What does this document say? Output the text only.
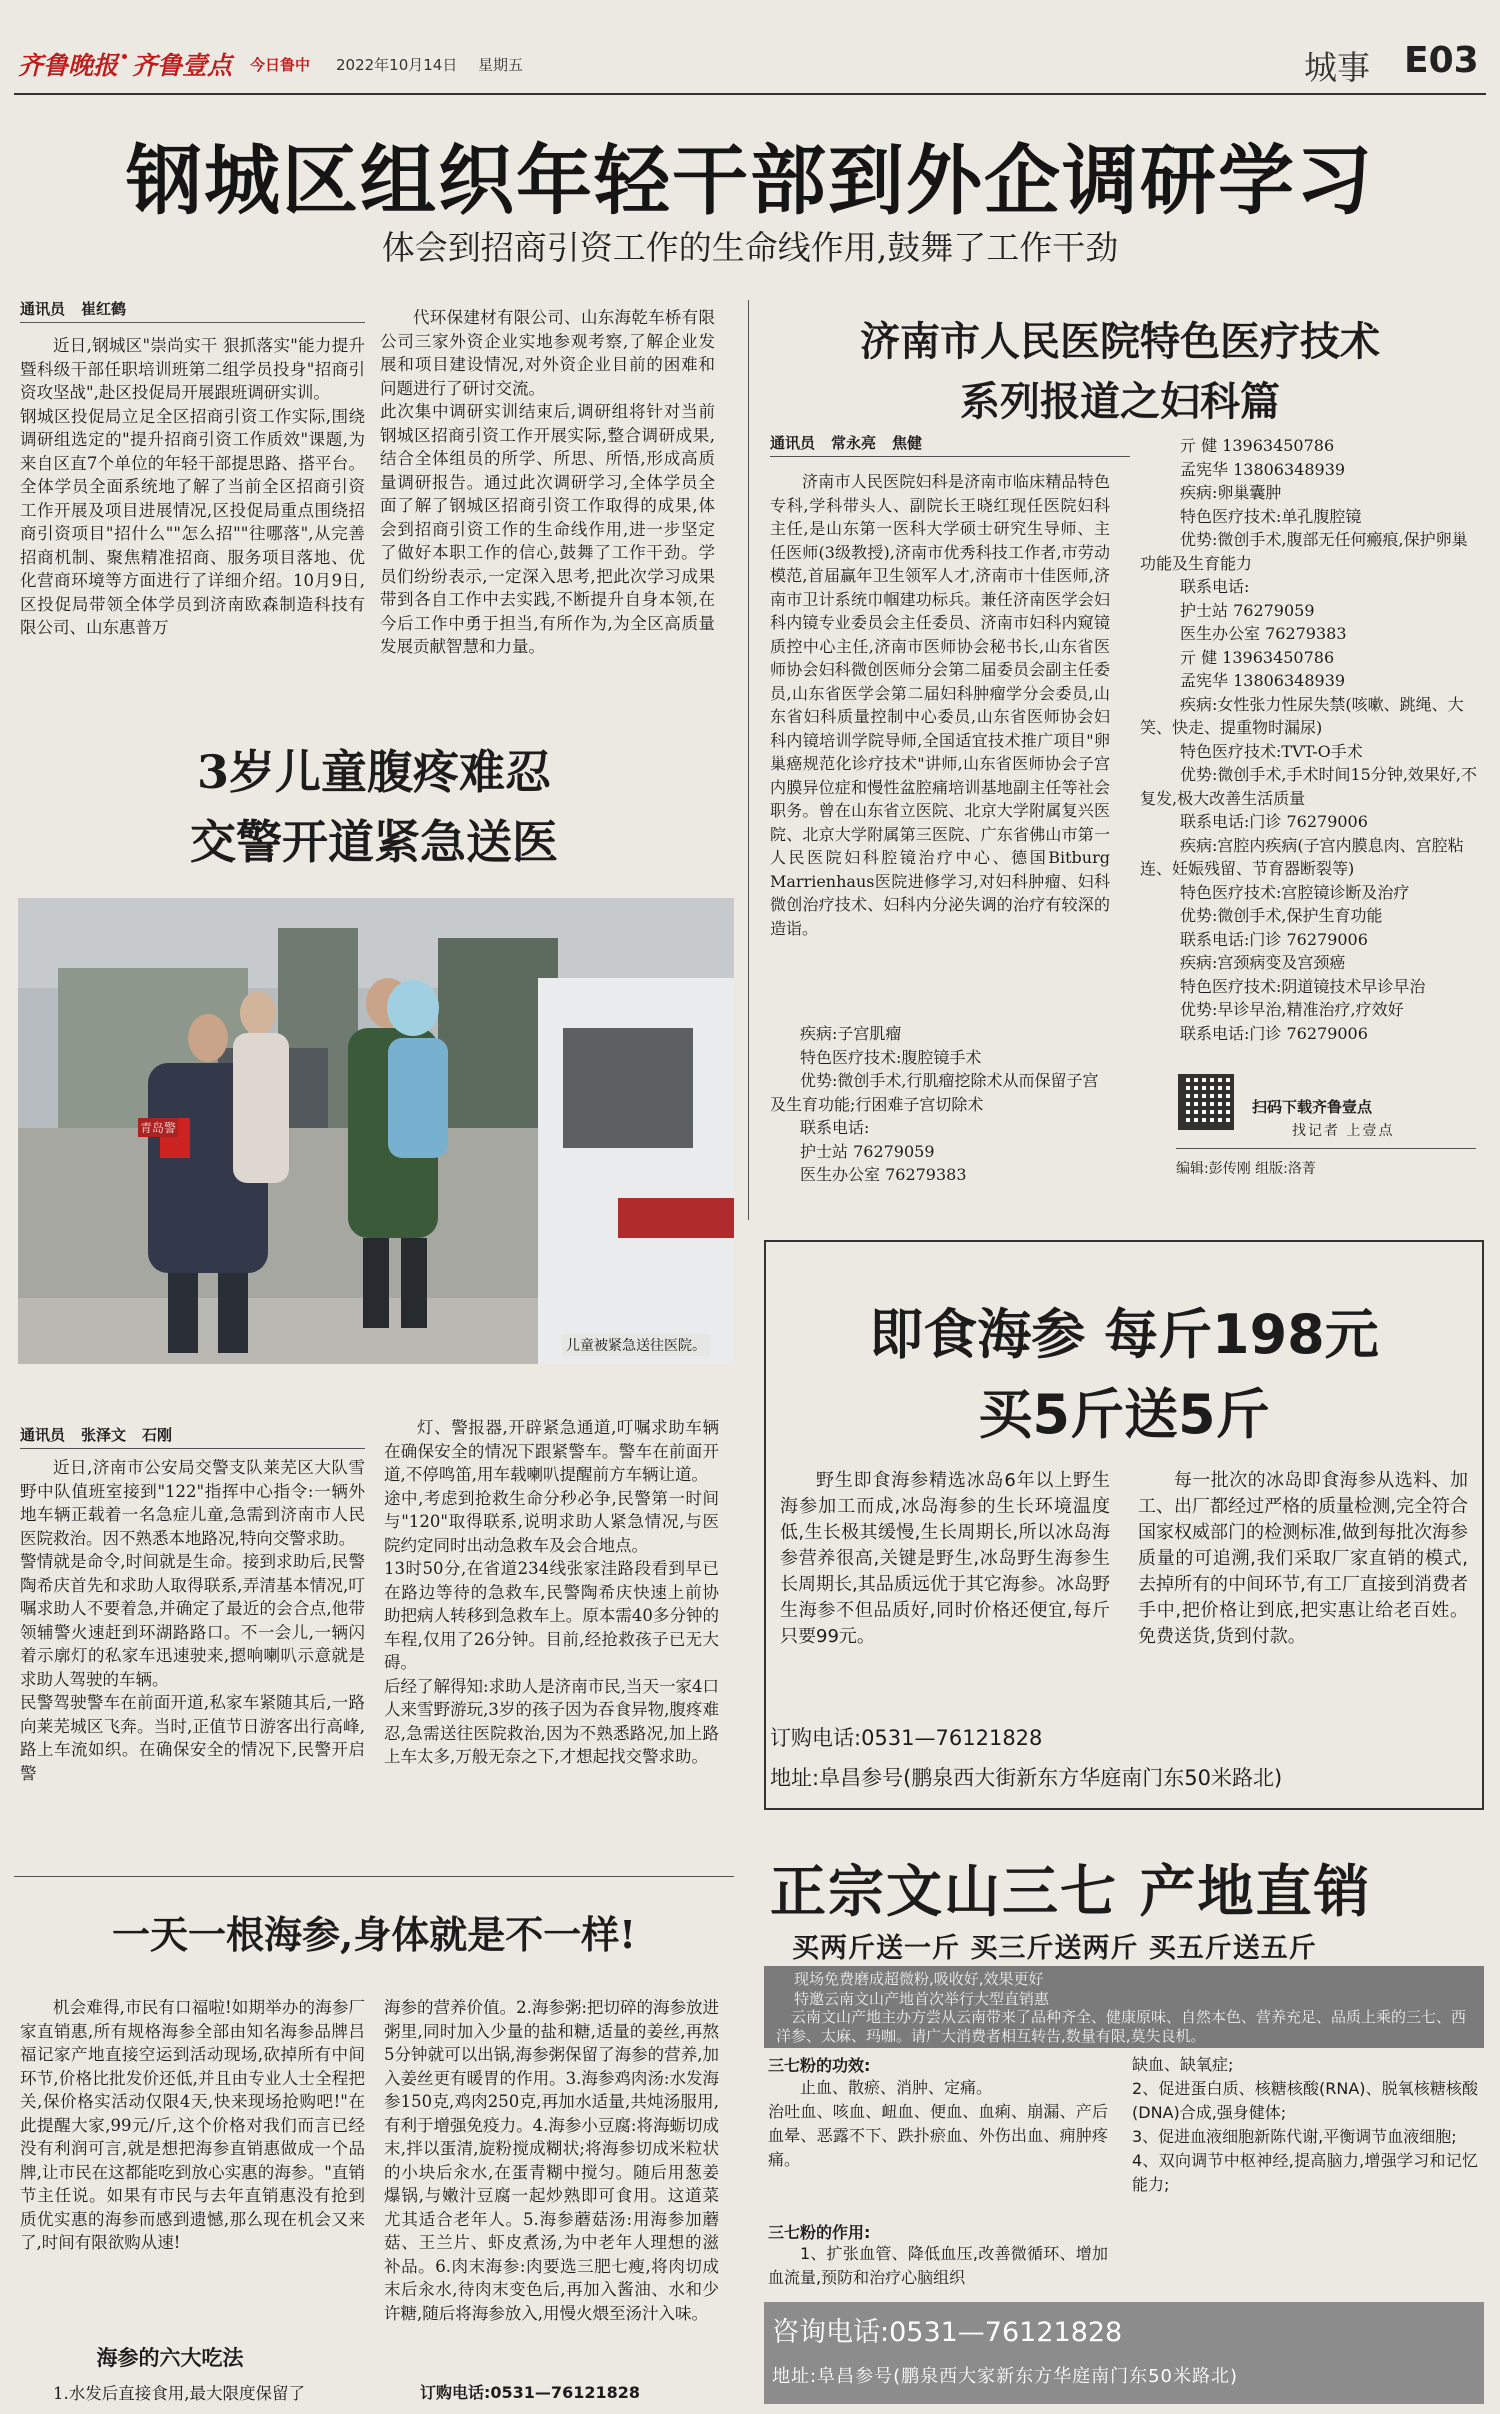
齐鲁晚报 齐鲁壹点 今日鲁中 2022年10月14日 星期五	城事 E03
钢城区组织年轻干部到外企调研学习
体会到招商引资工作的生命线作用,鼓舞了工作干劲
通讯员 崔红鹤
近日,钢城区"崇尚实干 狠抓落实"能力提升暨科级干部任职培训班第二组学员投身"招商引资攻坚战",赴区投促局开展跟班调研实训。
钢城区投促局立足全区招商引资工作实际,围绕调研组选定的"提升招商引资工作质效"课题,为来自区直7个单位的年轻干部提思路、搭平台。全体学员全面系统地了解了当前全区招商引资工作开展及项目进展情况,区投促局重点围绕招商引资项目"招什么""怎么招""往哪落",从完善招商机制、聚焦精准招商、服务项目落地、优化营商环境等方面进行了详细介绍。10月9日,区投促局带领全体学员到济南欧森制造科技有限公司、山东惠普万
代环保建材有限公司、山东海乾车桥有限公司三家外资企业实地参观考察,了解企业发展和项目建设情况,对外资企业目前的困难和问题进行了研讨交流。
此次集中调研实训结束后,调研组将针对当前钢城区招商引资工作开展实际,整合调研成果,结合全体组员的所学、所思、所悟,形成高质量调研报告。通过此次调研学习,全体学员全面了解了钢城区招商引资工作取得的成果,体会到招商引资工作的生命线作用,进一步坚定了做好本职工作的信心,鼓舞了工作干劲。学员们纷纷表示,一定深入思考,把此次学习成果带到各自工作中去实践,不断提升自身本领,在今后工作中勇于担当,有所作为,为全区高质量发展贡献智慧和力量。
济南市人民医院特色医疗技术
系列报道之妇科篇
通讯员 常永亮 焦健
济南市人民医院妇科是济南市临床精品特色专科,学科带头人、副院长王晓红现任医院妇科主任,是山东第一医科大学硕士研究生导师、主任医师(3级教授),济南市优秀科技工作者,市劳动模范,首届赢年卫生领军人才,济南市十佳医师,济南市卫计系统巾帼建功标兵。兼任济南医学会妇科内镜专业委员会主任委员、济南市妇科内窥镜质控中心主任,济南市医师协会秘书长,山东省医师协会妇科微创医师分会第二届委员会副主任委员,山东省医学会第二届妇科肿瘤学分会委员,山东省妇科质量控制中心委员,山东省医师协会妇科内镜培训学院导师,全国适宜技术推广项目"卵巢癌规范化诊疗技术"讲师,山东省医师协会子宫内膜异位症和慢性盆腔痛培训基地副主任等社会职务。曾在山东省立医院、北京大学附属复兴医院、北京大学附属第三医院、广东省佛山市第一人民医院妇科腔镜治疗中心、德国Bitburg Marrienhaus医院进修学习,对妇科肿瘤、妇科微创治疗技术、妇科内分泌失调的治疗有较深的造诣。
疾病:子宫肌瘤
特色医疗技术:腹腔镜手术
优势:微创手术,行肌瘤挖除术从而保留子宫及生育功能;行困难子宫切除术
联系电话:
护士站 76279059
医生办公室 76279383
亓 健 13963450786
孟宪华 13806348939
疾病:卵巢囊肿
特色医疗技术:单孔腹腔镜
优势:微创手术,腹部无任何瘢痕,保护卵巢功能及生育能力
联系电话:
护士站 76279059
医生办公室 76279383
亓 健 13963450786
孟宪华 13806348939
疾病:女性张力性尿失禁(咳嗽、跳绳、大笑、快走、提重物时漏尿)
特色医疗技术:TVT-O手术
优势:微创手术,手术时间15分钟,效果好,不复发,极大改善生活质量
联系电话:门诊 76279006
疾病:宫腔内疾病(子宫内膜息肉、宫腔粘连、妊娠残留、节育器断裂等)
特色医疗技术:宫腔镜诊断及治疗
优势:微创手术,保护生育功能
联系电话:门诊 76279006
疾病:宫颈病变及宫颈癌
特色医疗技术:阴道镜技术早诊早治
优势:早诊早治,精准治疗,疗效好
联系电话:门诊 76279006
扫码下载齐鲁壹点
找记者 上壹点
编辑:彭传刚 组版:洛菁
3岁儿童腹疼难忍
交警开道紧急送医
青岛警
儿童被紧急送往医院。
通讯员 张泽文 石刚
近日,济南市公安局交警支队莱芜区大队雪野中队值班室接到"122"指挥中心指令:一辆外地车辆正载着一名急症儿童,急需到济南市人民医院救治。因不熟悉本地路况,特向交警求助。
警情就是命令,时间就是生命。接到求助后,民警陶希庆首先和求助人取得联系,弄清基本情况,叮嘱求助人不要着急,并确定了最近的会合点,他带领辅警火速赶到环湖路路口。不一会儿,一辆闪着示廓灯的私家车迅速驶来,摁响喇叭示意就是求助人驾驶的车辆。
民警驾驶警车在前面开道,私家车紧随其后,一路向莱芜城区飞奔。当时,正值节日游客出行高峰,路上车流如织。在确保安全的情况下,民警开启警
灯、警报器,开辟紧急通道,叮嘱求助车辆在确保安全的情况下跟紧警车。警车在前面开道,不停鸣笛,用车载喇叭提醒前方车辆让道。
途中,考虑到抢救生命分秒必争,民警第一时间与"120"取得联系,说明求助人紧急情况,与医院约定同时出动急救车及会合地点。
13时50分,在省道234线张家洼路段看到早已在路边等待的急救车,民警陶希庆快速上前协助把病人转移到急救车上。原本需40多分钟的车程,仅用了26分钟。目前,经抢救孩子已无大碍。
后经了解得知:求助人是济南市民,当天一家4口人来雪野游玩,3岁的孩子因为吞食异物,腹疼难忍,急需送往医院救治,因为不熟悉路况,加上路上车太多,万般无奈之下,才想起找交警求助。
即食海参 每斤198元
买5斤送5斤
野生即食海参精选冰岛6年以上野生海参加工而成,冰岛海参的生长环境温度低,生长极其缓慢,生长周期长,所以冰岛海参营养很高,关键是野生,冰岛野生海参生长周期长,其品质远优于其它海参。冰岛野生海参不但品质好,同时价格还便宜,每斤只要99元。
每一批次的冰岛即食海参从选料、加工、出厂都经过严格的质量检测,完全符合国家权威部门的检测标准,做到每批次海参质量的可追溯,我们采取厂家直销的模式,去掉所有的中间环节,有工厂直接到消费者手中,把价格让到底,把实惠让给老百姓。免费送货,货到付款。
订购电话:0531—76121828
地址:阜昌参号(鹏泉西大街新东方华庭南门东50米路北)
正宗文山三七 产地直销
买两斤送一斤 买三斤送两斤 买五斤送五斤
现场免费磨成超微粉,吸收好,效果更好
特邀云南文山产地首次举行大型直销惠
云南文山产地主办方尝从云南带来了品种齐全、健康原味、自然本色、营养充足、品质上乘的三七、西洋参、太麻、玛咖。请广大消费者相互转告,数量有限,莫失良机。
三七粉的功效:
止血、散瘀、消肿、定痛。
治吐血、咳血、衄血、便血、血痢、崩漏、产后血晕、恶露不下、跌扑瘀血、外伤出血、痈肿疼痛。
三七粉的作用:
1、扩张血管、降低血压,改善微循环、增加血流量,预防和治疗心脑组织
缺血、缺氧症;
2、促进蛋白质、核糖核酸(RNA)、脱氧核糖核酸(DNA)合成,强身健体;
3、促进血液细胞新陈代谢,平衡调节血液细胞;
4、双向调节中枢神经,提高脑力,增强学习和记忆能力;
咨询电话:0531—76121828
地址:阜昌参号(鹏泉西大家新东方华庭南门东50米路北)
一天一根海参,身体就是不一样!
机会难得,市民有口福啦!如期举办的海参厂家直销惠,所有规格海参全部由知名海参品牌吕福记家产地直接空运到活动现场,砍掉所有中间环节,价格比批发价还低,并且由专业人士全程把关,保价格实活动仅限4天,快来现场抢购吧!"在此提醒大家,99元/斤,这个价格对我们而言已经没有利润可言,就是想把海参直销惠做成一个品牌,让市民在这都能吃到放心实惠的海参。"直销节主任说。如果有市民与去年直销惠没有抢到质优实惠的海参而感到遗憾,那么现在机会又来了,时间有限欲购从速!
海参的六大吃法
1.水发后直接食用,最大限度保留了
海参的营养价值。2.海参粥:把切碎的海参放进粥里,同时加入少量的盐和糖,适量的姜丝,再熬5分钟就可以出锅,海参粥保留了海参的营养,加入姜丝更有暖胃的作用。3.海参鸡肉汤:水发海参150克,鸡肉250克,再加水适量,共炖汤服用,有利于增强免疫力。4.海参小豆腐:将海蛎切成末,拌以蛋清,旋粉搅成糊状;将海参切成米粒状的小块后汆水,在蛋青糊中搅匀。随后用葱姜爆锅,与嫩汁豆腐一起炒熟即可食用。这道菜尤其适合老年人。5.海参蘑菇汤:用海参加蘑菇、王兰片、虾皮煮汤,为中老年人理想的滋补品。6.肉末海参:肉要选三肥七瘦,将肉切成末后汆水,待肉末变色后,再加入酱油、水和少许糖,随后将海参放入,用慢火煨至汤汁入味。
订购电话:0531—76121828
